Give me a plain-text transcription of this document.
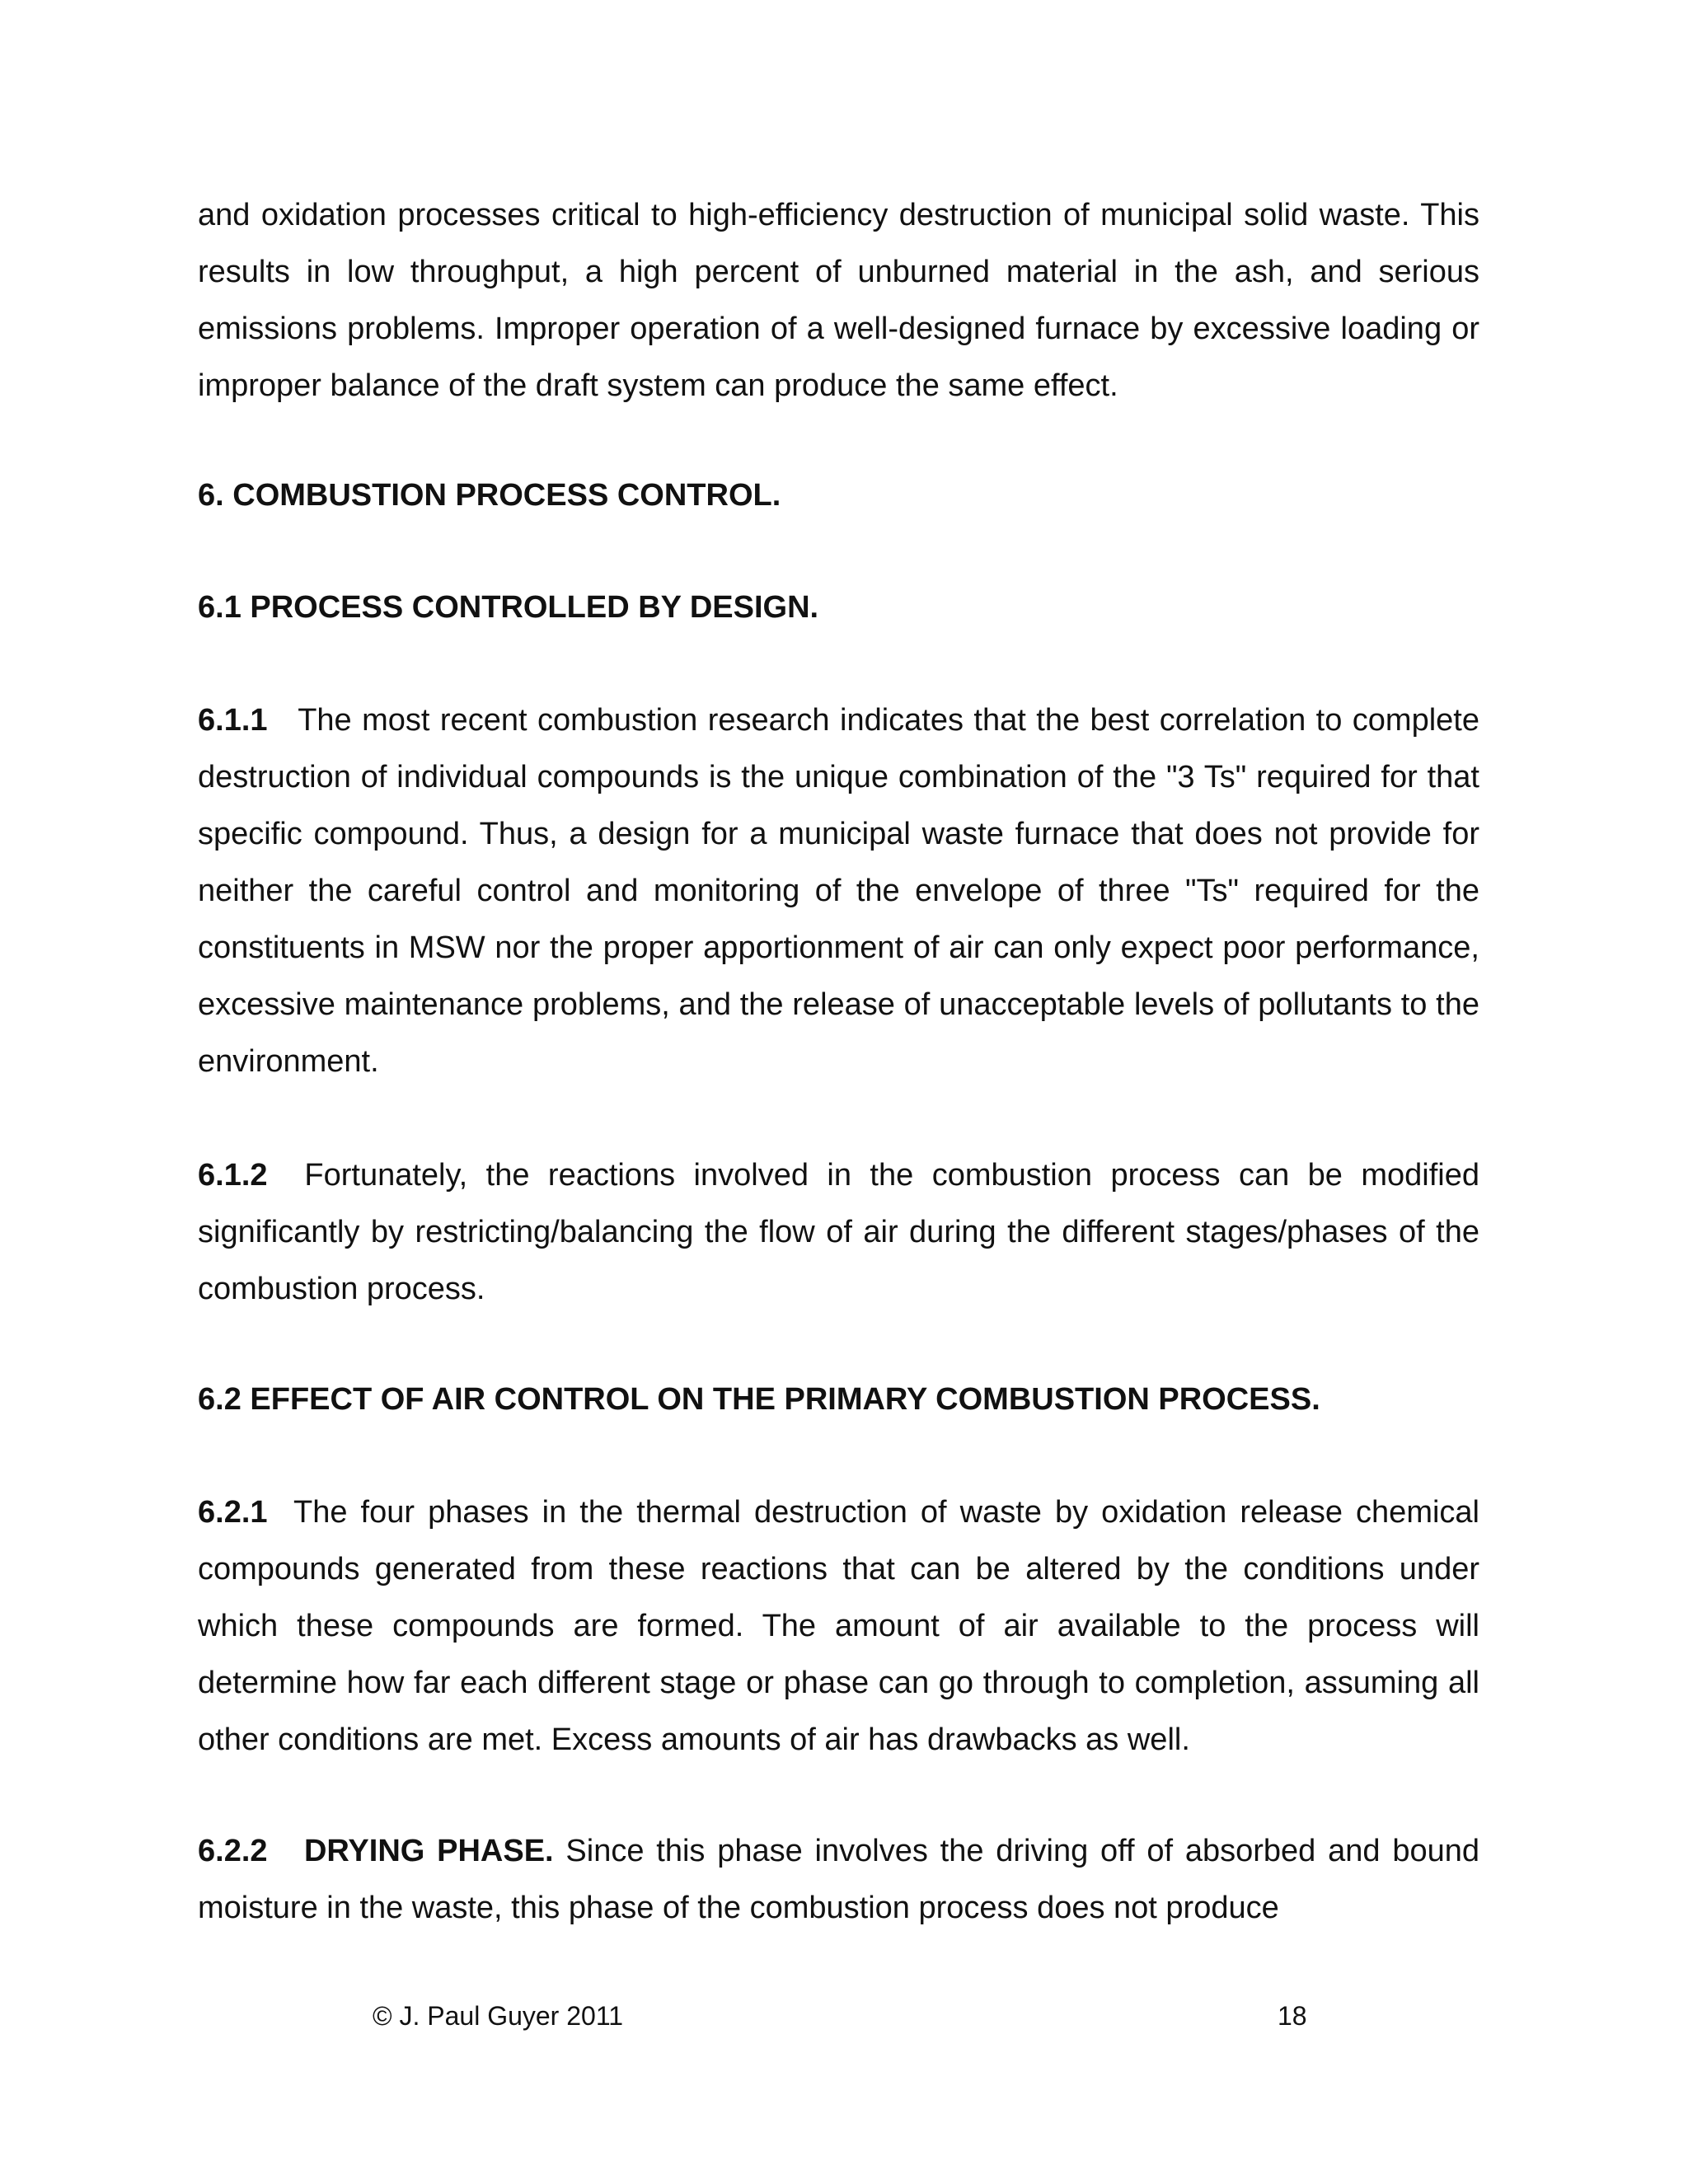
and oxidation processes critical to high-efficiency destruction of municipal solid waste. This results in low throughput, a high percent of unburned material in the ash, and serious emissions problems. Improper operation of a well-designed furnace by excessive loading or improper balance of the draft system can produce the same effect.

6. COMBUSTION PROCESS CONTROL.
6.1 PROCESS CONTROLLED BY DESIGN.

6.1.1 The most recent combustion research indicates that the best correlation to complete destruction of individual compounds is the unique combination of the "3 Ts" required for that specific compound. Thus, a design for a municipal waste furnace that does not provide for neither the careful control and monitoring of the envelope of three "Ts" required for the constituents in MSW nor the proper apportionment of air can only expect poor performance, excessive maintenance problems, and the release of unacceptable levels of pollutants to the environment.

6.1.2 Fortunately, the reactions involved in the combustion process can be modified significantly by restricting/balancing the flow of air during the different stages/phases of the combustion process.

6.2 EFFECT OF AIR CONTROL ON THE PRIMARY COMBUSTION PROCESS.

6.2.1 The four phases in the thermal destruction of waste by oxidation release chemical compounds generated from these reactions that can be altered by the conditions under which these compounds are formed. The amount of air available to the process will determine how far each different stage or phase can go through to completion, assuming all other conditions are met. Excess amounts of air has drawbacks as well.

6.2.2 DRYING PHASE. Since this phase involves the driving off of absorbed and bound moisture in the waste, this phase of the combustion process does not produce

© J. Paul Guyer 2011	18
